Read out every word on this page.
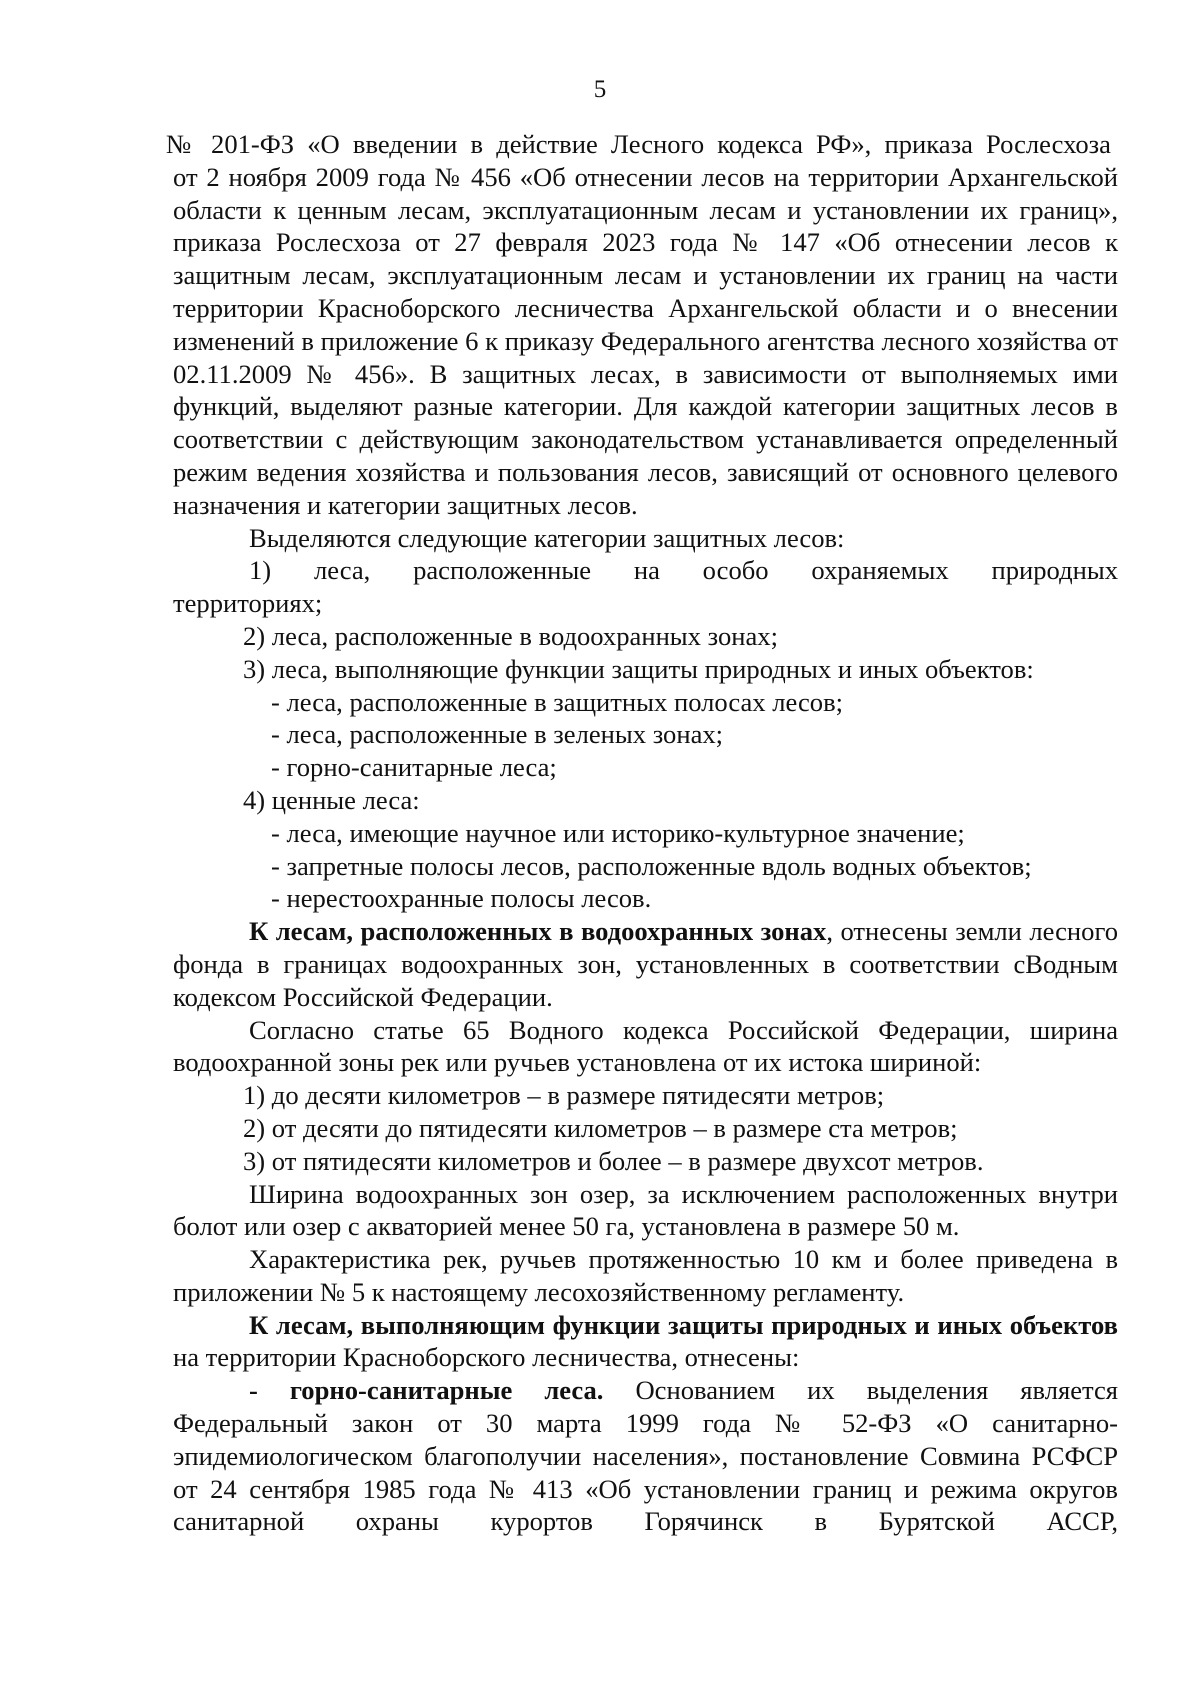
5

№ 201-ФЗ «О введении в действие Лесного кодекса РФ», приказа Рослесхозаот 2 ноября 2009 года № 456 «Об отнесении лесов на территории Архангельской области к ценным лесам, эксплуатационным лесам и установлении их границ», приказа Рослесхоза от 27 февраля 2023 года № 147 «Об отнесении лесов к защитным лесам, эксплуатационным лесам и установлении их границ на части территории Красноборского лесничества Архангельской области и о внесении изменений в приложение 6 к приказу Федерального агентства лесного хозяйства от 02.11.2009 № 456». В защитных лесах, в зависимости от выполняемых ими функций, выделяют разные категории. Для каждой категории защитных лесов в соответствии с действующим законодательством устанавливается определенный режим ведения хозяйства и пользования лесов, зависящий от основного целевого назначения и категории защитных лесов.

Выделяются следующие категории защитных лесов:

1) леса, расположенные на особо охраняемых природных

территориях;

2) леса, расположенные в водоохранных зонах;

3) леса, выполняющие функции защиты природных и иных объектов:

- леса, расположенные в защитных полосах лесов;

- леса, расположенные в зеленых зонах;

- горно-санитарные леса;

4) ценные леса:

- леса, имеющие научное или историко-культурное значение;

- запретные полосы лесов, расположенные вдоль водных объектов;

- нерестоохранные полосы лесов.

К лесам, расположенных в водоохранных зонах, отнесены земли лесного фонда в границах водоохранных зон, установленных в соответствии сВодным кодексом Российской Федерации.

Согласно статье 65 Водного кодекса Российской Федерации, ширина водоохранной зоны рек или ручьев установлена от их истока шириной:

1) до десяти километров – в размере пятидесяти метров;

2) от десяти до пятидесяти километров – в размере ста метров;

3) от пятидесяти километров и более – в размере двухсот метров.

Ширина водоохранных зон озер, за исключением расположенных внутри болот или озер с акваторией менее 50 га, установлена в размере 50 м.

Характеристика рек, ручьев протяженностью 10 км и более приведена в приложении № 5 к настоящему лесохозяйственному регламенту.

К лесам, выполняющим функции защиты природных и иных объектов на территории Красноборского лесничества, отнесены:

- горно-санитарные леса. Основанием их выделения является Федеральный закон от 30 марта 1999 года № 52-ФЗ «О санитарно-эпидемиологическом благополучии населения», постановление Совмина РСФСР от 24 сентября 1985 года № 413 «Об установлении границ и режима округов санитарной охраны курортов Горячинск в Бурятской АССР,
